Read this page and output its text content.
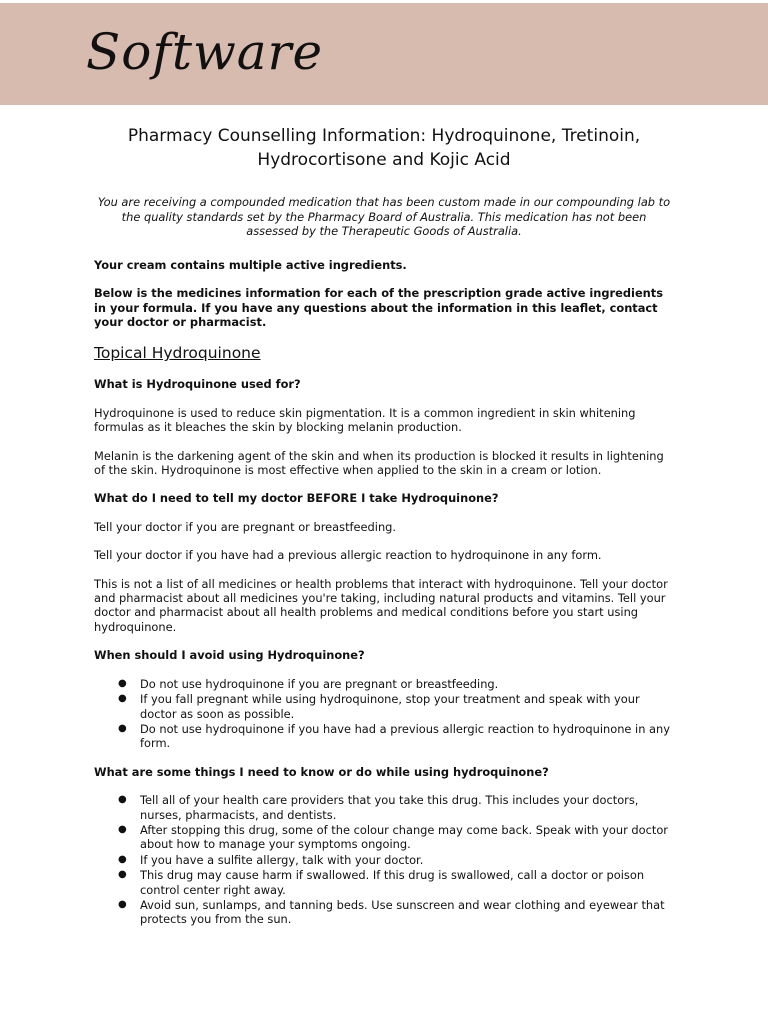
Software
Pharmacy Counselling Information: Hydroquinone, Tretinoin, Hydrocortisone and Kojic Acid

You are receiving a compounded medication that has been custom made in our compounding lab to the quality standards set by the Pharmacy Board of Australia. This medication has not been assessed by the Therapeutic Goods of Australia.

Your cream contains multiple active ingredients.

Below is the medicines information for each of the prescription grade active ingredients in your formula. If you have any questions about the information in this leaflet, contact your doctor or pharmacist.

Topical Hydroquinone

What is Hydroquinone used for?

Hydroquinone is used to reduce skin pigmentation. It is a common ingredient in skin whitening formulas as it bleaches the skin by blocking melanin production.

Melanin is the darkening agent of the skin and when its production is blocked it results in lightening of the skin. Hydroquinone is most effective when applied to the skin in a cream or lotion.

What do I need to tell my doctor BEFORE I take Hydroquinone?

Tell your doctor if you are pregnant or breastfeeding.

Tell your doctor if you have had a previous allergic reaction to hydroquinone in any form.

This is not a list of all medicines or health problems that interact with hydroquinone. Tell your doctor and pharmacist about all medicines you're taking, including natural products and vitamins. Tell your doctor and pharmacist about all health problems and medical conditions before you start using hydroquinone.

When should I avoid using Hydroquinone?

● Do not use hydroquinone if you are pregnant or breastfeeding.
● If you fall pregnant while using hydroquinone, stop your treatment and speak with your doctor as soon as possible.
● Do not use hydroquinone if you have had a previous allergic reaction to hydroquinone in any form.

What are some things I need to know or do while using hydroquinone?

● Tell all of your health care providers that you take this drug. This includes your doctors, nurses, pharmacists, and dentists.
● After stopping this drug, some of the colour change may come back. Speak with your doctor about how to manage your symptoms ongoing.
● If you have a sulfite allergy, talk with your doctor.
● This drug may cause harm if swallowed. If this drug is swallowed, call a doctor or poison control center right away.
● Avoid sun, sunlamps, and tanning beds. Use sunscreen and wear clothing and eyewear that protects you from the sun.
